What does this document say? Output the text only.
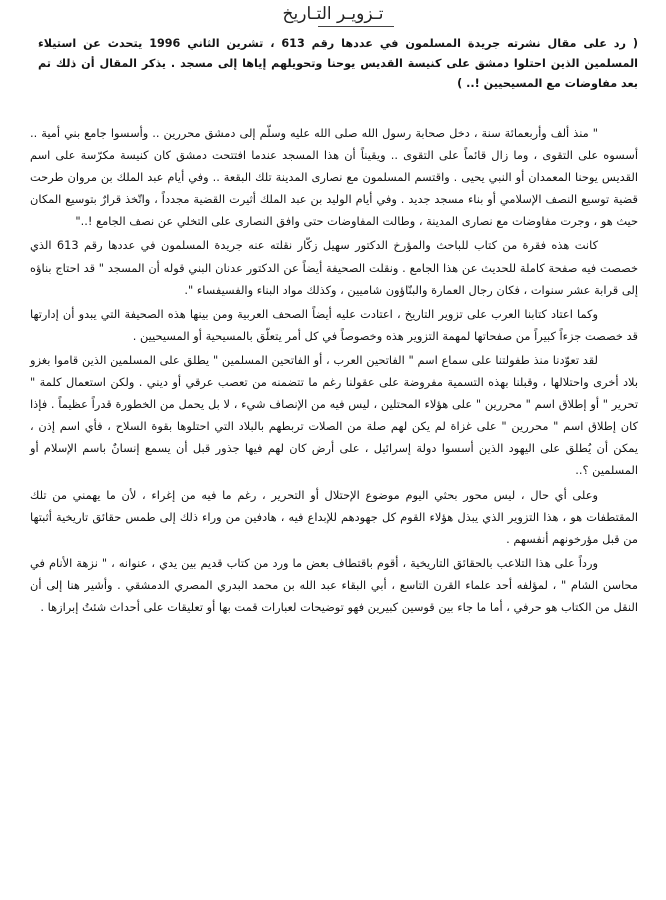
تـزويـر التـاريخ
( رد على مقال نشرته جريدة المسلمون في عددها رقم 613 ، تشرين الثاني 1996 يتحدث عن استيلاء المسلمين الذين احتلوا دمشق على كنيسة القديس يوحنا وتحويلهم إياها إلى مسجد . يذكر المقال أن ذلك تم بعد مفاوضات مع المسيحيين !.. )

" منذ ألف وأربعمائة سنة ، دخل صحابة رسول الله صلى الله عليه وسلّم إلى دمشق محررين .. وأسسوا جامع بني أمية .. أسسوه على التقوى ، وما زال قائماً على التقوى .. ويقيناً أن هذا المسجد عندما افتتحت دمشق كان كنيسة مكرّسة على اسم القديس يوحنا المعمدان أو النبي يحيى . واقتسم المسلمون مع نصارى المدينة تلك البقعة .. وفي أيام عبد الملك بن مروان طرحت قضية توسيع النصف الإسلامي أو بناء مسجد جديد . وفي أيام الوليد بن عبد الملك أثيرت القضية مجدداً ، واتّخذ قرارٌ بتوسيع المكان حيث هو ، وجرت مفاوضات مع نصارى المدينة ، وطالت المفاوضات حتى وافق النصارى على التخلي عن نصف الجامع !.."

كانت هذه فقرة من كتاب للباحث والمؤرخ الدكتور سهيل زكّار نقلته عنه جريدة المسلمون في عددها رقم 613 الذي خصصت فيه صفحة كاملة للحديث عن هذا الجامع . ونقلت الصحيفة أيضاً عن الدكتور عدنان البني قوله أن المسجد " قد احتاج بناؤه إلى قرابة عشر سنوات ، فكان رجال العمارة والبنّاؤون شاميين ، وكذلك مواد البناء والفسيفساء ".

وكما اعتاد كتابنا العرب على تزوير التاريخ ، اعتادت عليه أيضاً الصحف العربية ومن بينها هذه الصحيفة التي يبدو أن إدارتها قد خصصت جزءاً كبيراً من صفحاتها لمهمة التزوير هذه وخصوصاً في كل أمر يتعلّق بالمسيحية أو المسيحيين .

لقد تعوّدنا منذ طفولتنا على سماع اسم " الفاتحين العرب ، أو الفاتحين المسلمين " يطلق على المسلمين الذين قاموا بغزو بلاد أخرى واحتلالها ، وقبلنا بهذه التسمية مفروضة على عقولنا رغم ما تتضمنه من تعصب عرقي أو ديني . ولكن استعمال كلمة " تحرير " أو إطلاق اسم " محررين " على هؤلاء المحتلين ، ليس فيه من الإنصاف شيء ، لا بل يحمل من الخطورة قدراً عظيماً . فإذا كان إطلاق اسم " محررين " على غزاة لم يكن لهم صلة من الصلات تربطهم بالبلاد التي احتلوها بقوة السلاح ، فأي اسم إذن ، يمكن أن يُطلق على اليهود الذين أسسوا دولة إسرائيل ، على أرض كان لهم فيها جذور قبل أن يسمع إنسانٌ باسم الإسلام أو المسلمين ؟..

وعلى أي حال ، ليس محور بحثي اليوم موضوع الإحتلال أو التحرير ، رغم ما فيه من إغراء ، لأن ما يهمني من تلك المقتطفات هو ، هذا التزوير الذي يبذل هؤلاء القوم كل جهودهم للإبداع فيه ، هادفين من وراء ذلك إلى طمس حقائق تاريخية أثبتها من قبل مؤرخونهم أنفسهم .

ورداً على هذا التلاعب بالحقائق التاريخية ، أقوم باقتطاف بعض ما ورد من كتاب قديم بين يدي ، عنوانه ، " نزهة الأنام في محاسن الشام " ، لمؤلفه أحد علماء القرن التاسع ، أبي البقاء عبد الله بن محمد البدري المصري الدمشقي . وأشير هنا إلى أن النقل من الكتاب هو حرفي ، أما ما جاء بين قوسين كبيرين فهو توضيحات لعبارات قمت بها أو تعليقات على أحداث شئتُ إبرازها .
